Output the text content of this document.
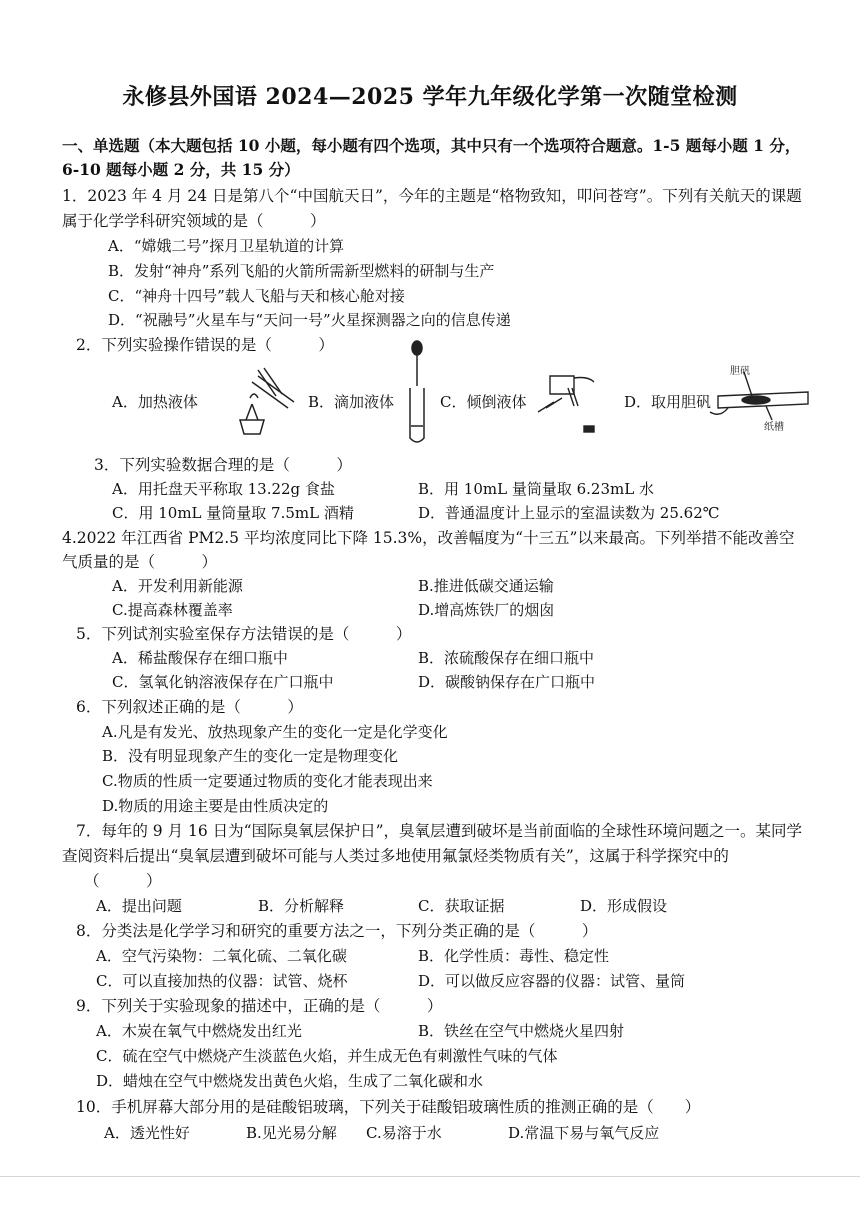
永修县外国语 2024—2025 学年九年级化学第一次随堂检测
一、单选题（本大题包括 10 小题，每小题有四个选项，其中只有一个选项符合题意。1-5 题每小题 1 分，
6-10 题每小题 2 分，共 15 分）
1．2023 年 4 月 24 日是第八个“中国航天日”，今年的主题是“格物致知，叩问苍穹”。下列有关航天的课题
属于化学学科研究领域的是（　　　）
A．“嫦娥二号”探月卫星轨道的计算
B．发射“神舟”系列飞船的火箭所需新型燃料的研制与生产
C．“神舟十四号”载人飞船与天和核心舱对接
D．“祝融号”火星车与“天问一号”火星探测器之向的信息传递
2．下列实验操作错误的是（　　　）
A．加热液体	B．滴加液体	C．倾倒液体	D．取用胆矾
胆矾
纸槽
3．下列实验数据合理的是（　　　）
A．用托盘天平称取 13.22g 食盐	B．用 10mL 量筒量取 6.23mL 水
C．用 10mL 量筒量取 7.5mL 酒精	D．普通温度计上显示的室温读数为 25.62℃
4.2022 年江西省 PM2.5 平均浓度同比下降 15.3%，改善幅度为“十三五”以来最高。下列举措不能改善空
气质量的是（　　　）
A．开发利用新能源	B.推进低碳交通运输
C.提高森林覆盖率	D.增高炼铁厂的烟囱
5．下列试剂实验室保存方法错误的是（　　　）
A．稀盐酸保存在细口瓶中	B．浓硫酸保存在细口瓶中
C．氢氧化钠溶液保存在广口瓶中	D．碳酸钠保存在广口瓶中
6．下列叙述正确的是（　　　）
A.凡是有发光、放热现象产生的变化一定是化学变化
B．没有明显现象产生的变化一定是物理变化
C.物质的性质一定要通过物质的变化才能表现出来
D.物质的用途主要是由性质决定的
7．每年的 9 月 16 日为“国际臭氧层保护日”，臭氧层遭到破坏是当前面临的全球性环境问题之一。某同学
查阅资料后提出“臭氧层遭到破坏可能与人类过多地使用氟氯烃类物质有关”，这属于科学探究中的
（　　　）
A．提出问题	B．分析解释	C．获取证据	D．形成假设
8．分类法是化学学习和研究的重要方法之一，下列分类正确的是（　　　）
A．空气污染物：二氧化硫、二氧化碳	B．化学性质：毒性、稳定性
C．可以直接加热的仪器：试管、烧杯	D．可以做反应容器的仪器：试管、量筒
9．下列关于实验现象的描述中，正确的是（　　　）
A．木炭在氧气中燃烧发出红光	B．铁丝在空气中燃烧火星四射
C．硫在空气中燃烧产生淡蓝色火焰，并生成无色有刺激性气味的气体
D．蜡烛在空气中燃烧发出黄色火焰，生成了二氧化碳和水
10．手机屏幕大部分用的是硅酸铝玻璃，下列关于硅酸铝玻璃性质的推测正确的是（　　）
A．透光性好	B.见光易分解 C.易溶于水	D.常温下易与氧气反应
